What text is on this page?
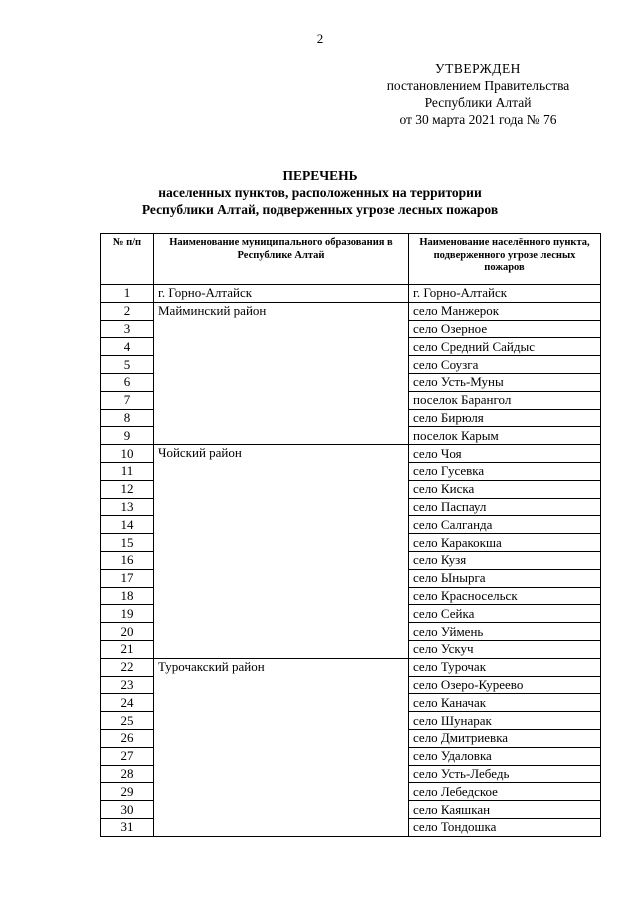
2
УТВЕРЖДЕН
постановлением Правительства
Республики Алтай
от 30 марта 2021 года № 76
ПЕРЕЧЕНЬ
населенных пунктов, расположенных на территории
Республики Алтай, подверженных угрозе лесных пожаров
№ п/п	Наименование муниципального образования в Республике Алтай	Наименование населённого пункта, подверженного угрозе лесных пожаров
1	г. Горно-Алтайск	г. Горно-Алтайск
2	Майминский район	село Манжерок
3		село Озерное
4		село Средний Сайдыс
5		село Соузга
6		село Усть-Муны
7		поселок Барангол
8		село Бирюля
9		поселок Карым
10	Чойский район	село Чоя
11		село Гусевка
12		село Киска
13		село Паспаул
14		село Салганда
15		село Каракокша
16		село Кузя
17		село Ынырга
18		село Красносельск
19		село Сейка
20		село Уймень
21		село Ускуч
22	Турочакский район	село Турочак
23		село Озеро-Куреево
24		село Каначак
25		село Шунарак
26		село Дмитриевка
27		село Удаловка
28		село Усть-Лебедь
29		село Лебедское
30		село Каяшкан
31		село Тондошка
